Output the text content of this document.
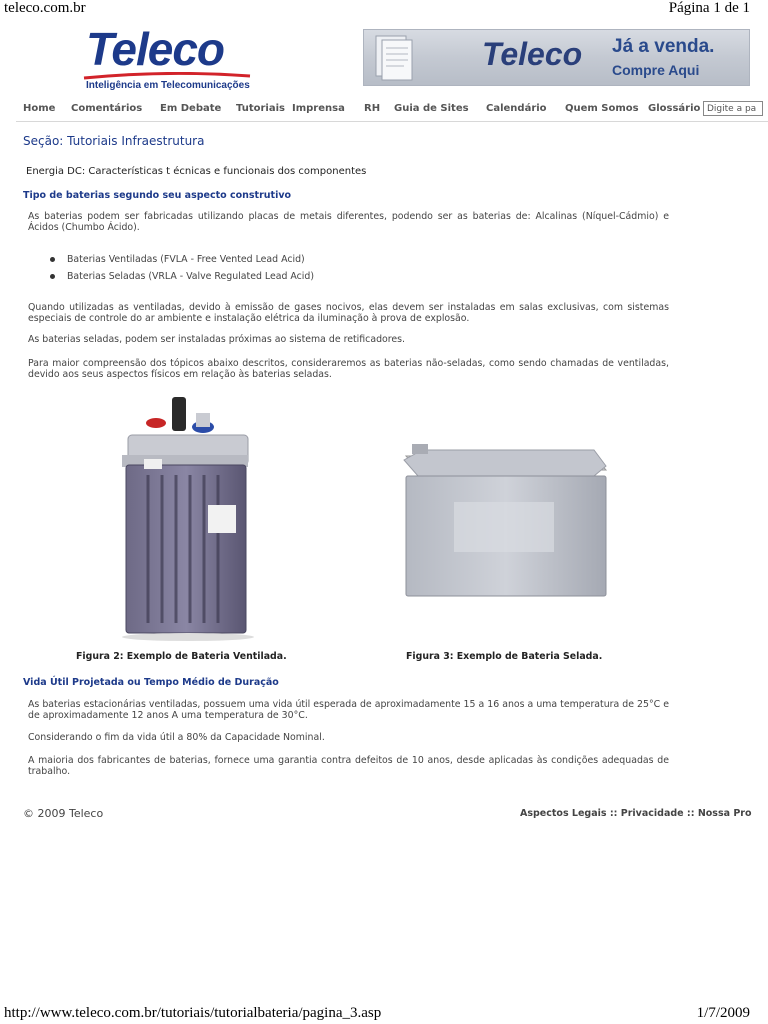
teleco.com.br	Página 1 de 1
Teleco
Inteligência em Telecomunicações
Teleco Já a venda.
Compre Aqui
Home Comentários Em Debate Tutoriais Imprensa RH Guia de Sites Calendário Quem Somos Glossário
Digite a pa
Seção: Tutoriais Infraestrutura
Energia DC: Características t écnicas e funcionais dos componentes
Tipo de baterias segundo seu aspecto construtivo

As baterias podem ser fabricadas utilizando placas de metais diferentes, podendo ser as baterias de: Alcalinas (Níquel-Cádmio) e Ácidos (Chumbo Ácido).

Baterias Ventiladas (FVLA - Free Vented Lead Acid)
Baterias Seladas (VRLA - Valve Regulated Lead Acid)

Quando utilizadas as ventiladas, devido à emissão de gases nocivos, elas devem ser instaladas em salas exclusivas, com sistemas especiais de controle do ar ambiente e instalação elétrica da iluminação à prova de explosão.

As baterias seladas, podem ser instaladas próximas ao sistema de retificadores.

Para maior compreensão dos tópicos abaixo descritos, consideraremos as baterias não-seladas, como sendo chamadas de ventiladas, devido aos seus aspectos físicos em relação às baterias seladas.

Figura 2: Exemplo de Bateria Ventilada.	Figura 3: Exemplo de Bateria Selada.
Vida Útil Projetada ou Tempo Médio de Duração

As baterias estacionárias ventiladas, possuem uma vida útil esperada de aproximadamente 15 a 16 anos a uma temperatura de 25°C e de aproximadamente 12 anos A uma temperatura de 30°C.

Considerando o fim da vida útil a 80% da Capacidade Nominal.

A maioria dos fabricantes de baterias, fornece uma garantia contra defeitos de 10 anos, desde aplicadas às condições adequadas de trabalho.

© 2009 Teleco	Aspectos Legais :: Privacidade :: Nossa Pro
http://www.teleco.com.br/tutoriais/tutorialbateria/pagina_3.asp	1/7/2009
